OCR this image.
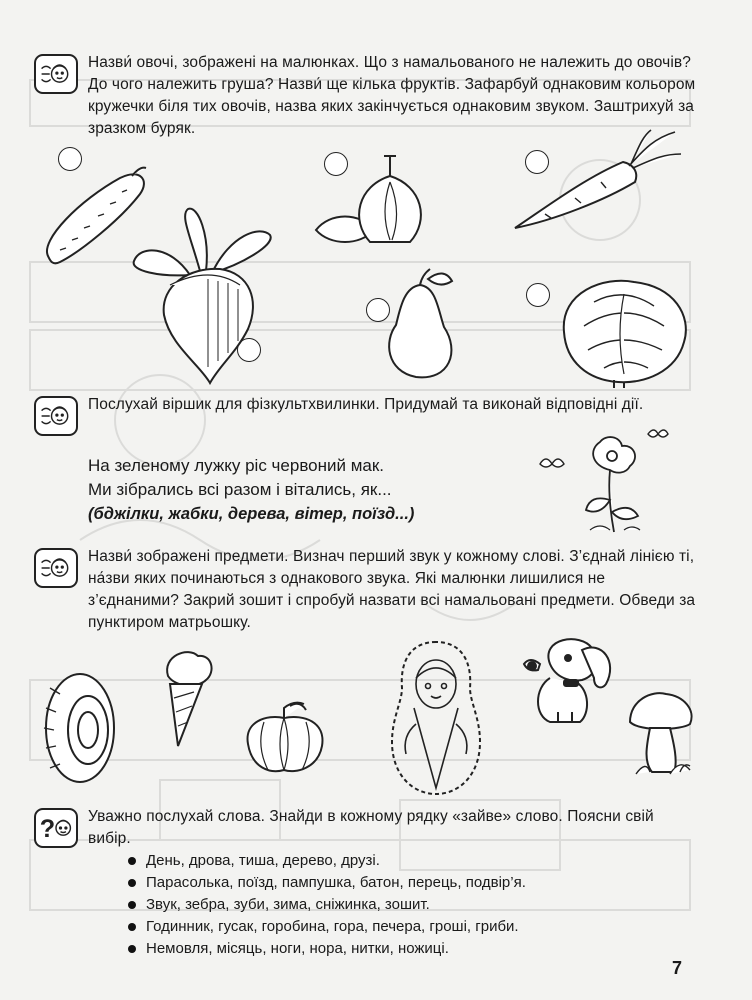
Назви́ овочі, зображені на малюнках. Що з намальованого не належить до овочів? До чого належить груша? Назви́ ще кілька фруктів. Зафарбуй однаковим кольором кружечки біля тих овочів, назва яких закінчується однаковим звуком. Заштрихуй за зразком буряк.
Послухай віршик для фізкультхвилинки. Придумай та виконай відповідні дії.
На зеленому лужку ріс червоний мак.
Ми зібрались всі разом і вітались, як...
(бджілки, жабки, дерева, вітер, поїзд...)
Назви́ зображені предмети. Визнач перший звук у кожному слові. З’єднай лінією ті, на́зви яких починаються з однакового звука. Які малюнки лишилися не з’єднаними? Закрий зошит і спробуй назвати всі намальовані предмети. Обведи за пунктиром матрьошку.
? Уважно послухай слова. Знайди в кожному рядку «зайве» слово. Поясни свій вибір.
День, дрова, тиша, дерево, друзі.
Парасолька, поїзд, пампушка, батон, перець, подвір’я.
Звук, зебра, зуби, зима, сніжинка, зошит.
Годинник, гусак, горобина, гора, печера, гроші, гриби.
Немовля, місяць, ноги, нора, нитки, ножиці.
7
